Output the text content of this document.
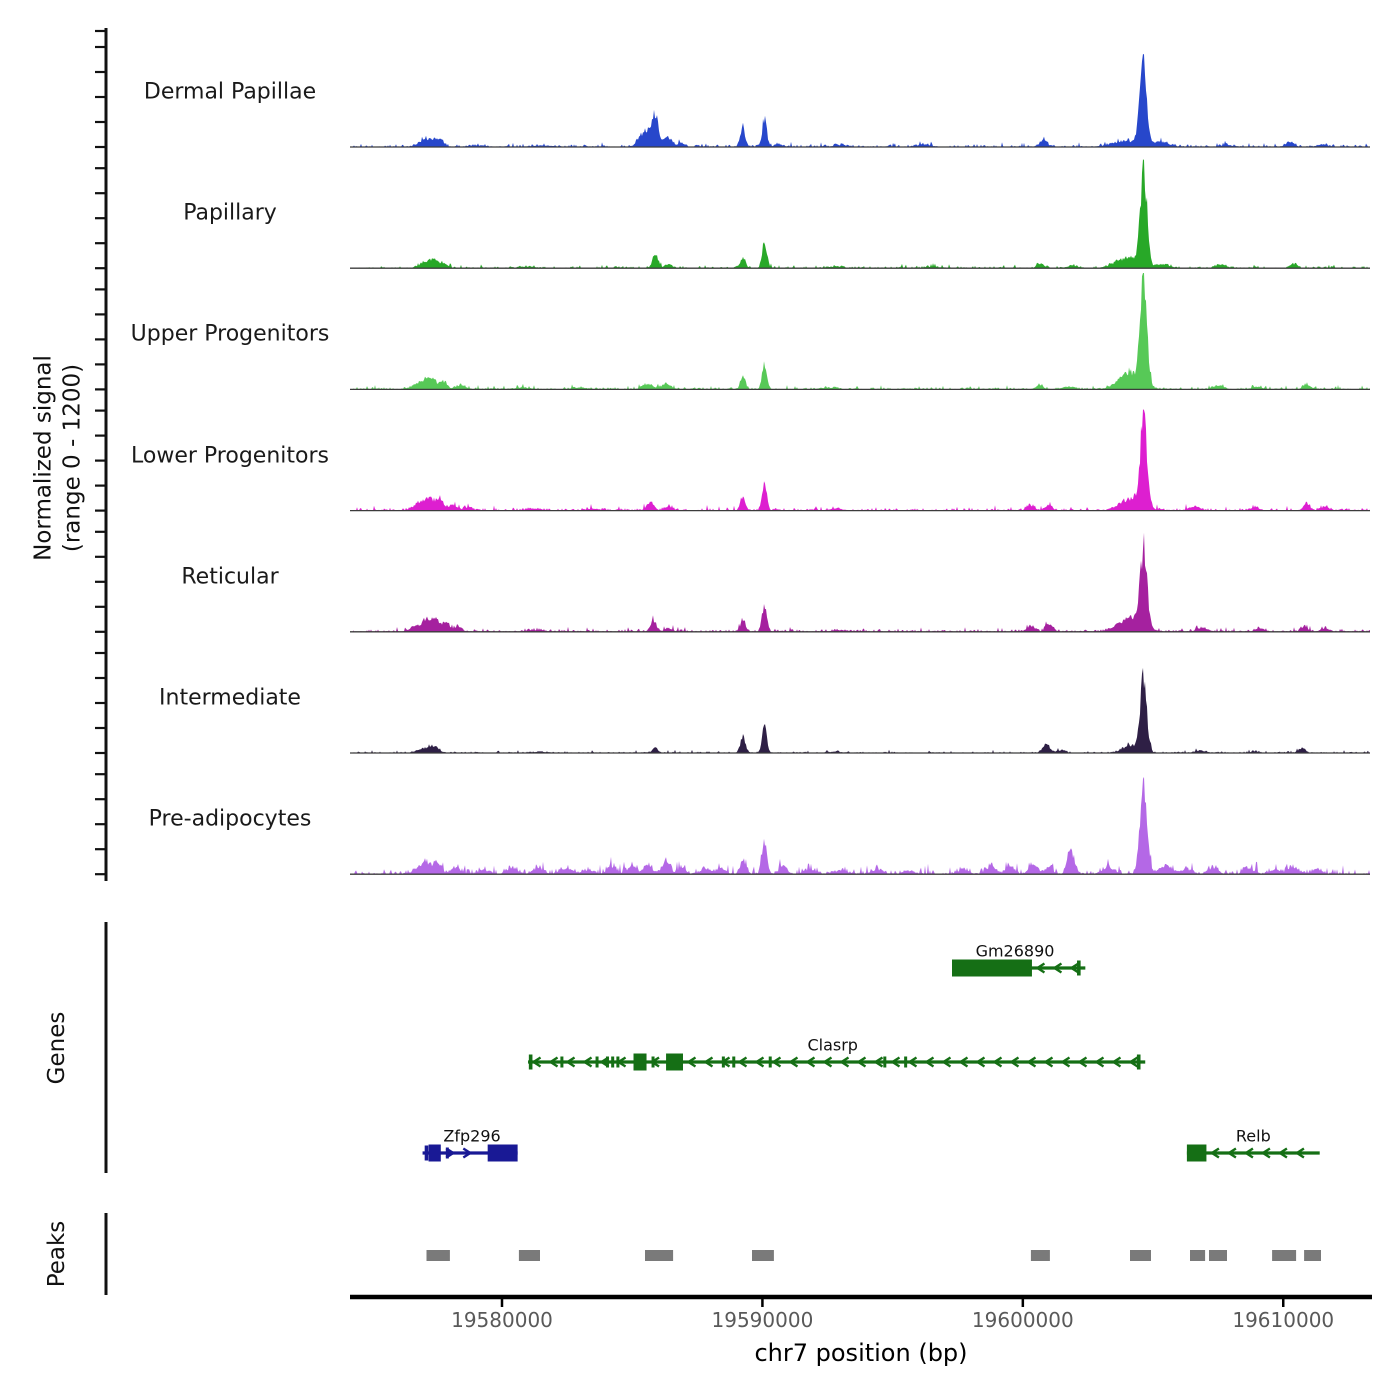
Dermal Papillae
Papillary
Upper Progenitors
Lower Progenitors
Reticular
Intermediate
Pre-adipocytes
Gm26890
Clasrp
Zfp296	Relb
19580000	19590000	19600000	19610000
chr7 position (bp)
Normalized signal (range 0 - 1200)
Genes
Peaks
